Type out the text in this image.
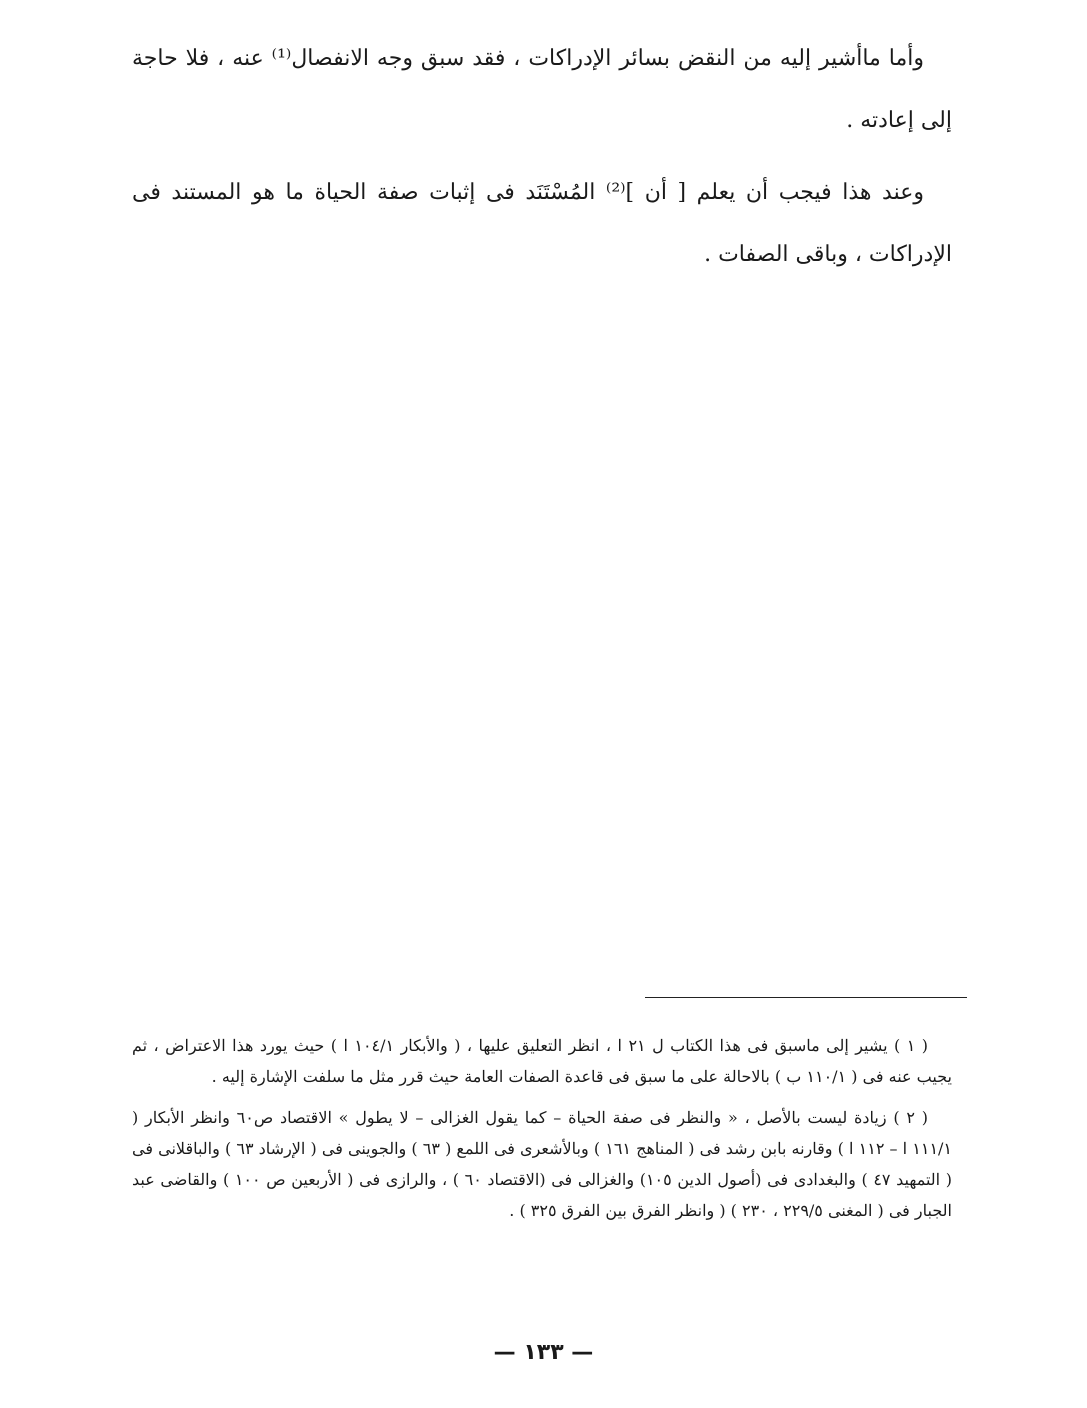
وأما ماأشير إليه من النقض بسائر الإدراكات ، فقد سبق وجه الانفصال⁽¹⁾ عنه ، فلا حاجة إلى إعادته .

وعند هذا فيجب أن يعلم [ أن ]⁽²⁾ المُسْتَنَد فى إثبات صفة الحياة ما هو المستند فى الإدراكات ، وباقى الصفات .

( ١ ) يشير إلى ماسبق فى هذا الكتاب ل ٢١ ا ، انظر التعليق عليها ، ( والأبكار ١٠٤/١ ا ) حيث يورد هذا الاعتراض ، ثم يجيب عنه فى ( ١١٠/١ ب ) بالاحالة على ما سبق فى قاعدة الصفات العامة حيث قرر مثل ما سلفت الإشارة إليه .

( ٢ ) زيادة ليست بالأصل ، « والنظر فى صفة الحياة – كما يقول الغزالى – لا يطول » الاقتصاد ص٦٠ وانظر الأبكار ( ١١١/١ ا – ١١٢ ا ) وقارنه بابن رشد فى ( المناهج ١٦١ ) وبالأشعرى فى اللمع ( ٦٣ ) والجوينى فى ( الإرشاد ٦٣ ) والباقلانى فى ( التمهيد ٤٧ ) والبغدادى فى (أصول الدين ١٠٥) والغزالى فى (الاقتصاد ٦٠ ) ، والرازى فى ( الأربعين ص ١٠٠ ) والقاضى عبد الجبار فى ( المغنى ٢٢٩/٥ ، ٢٣٠ ) ( وانظر الفرق بين الفرق ٣٢٥ ) .

— ١٣٣ —
